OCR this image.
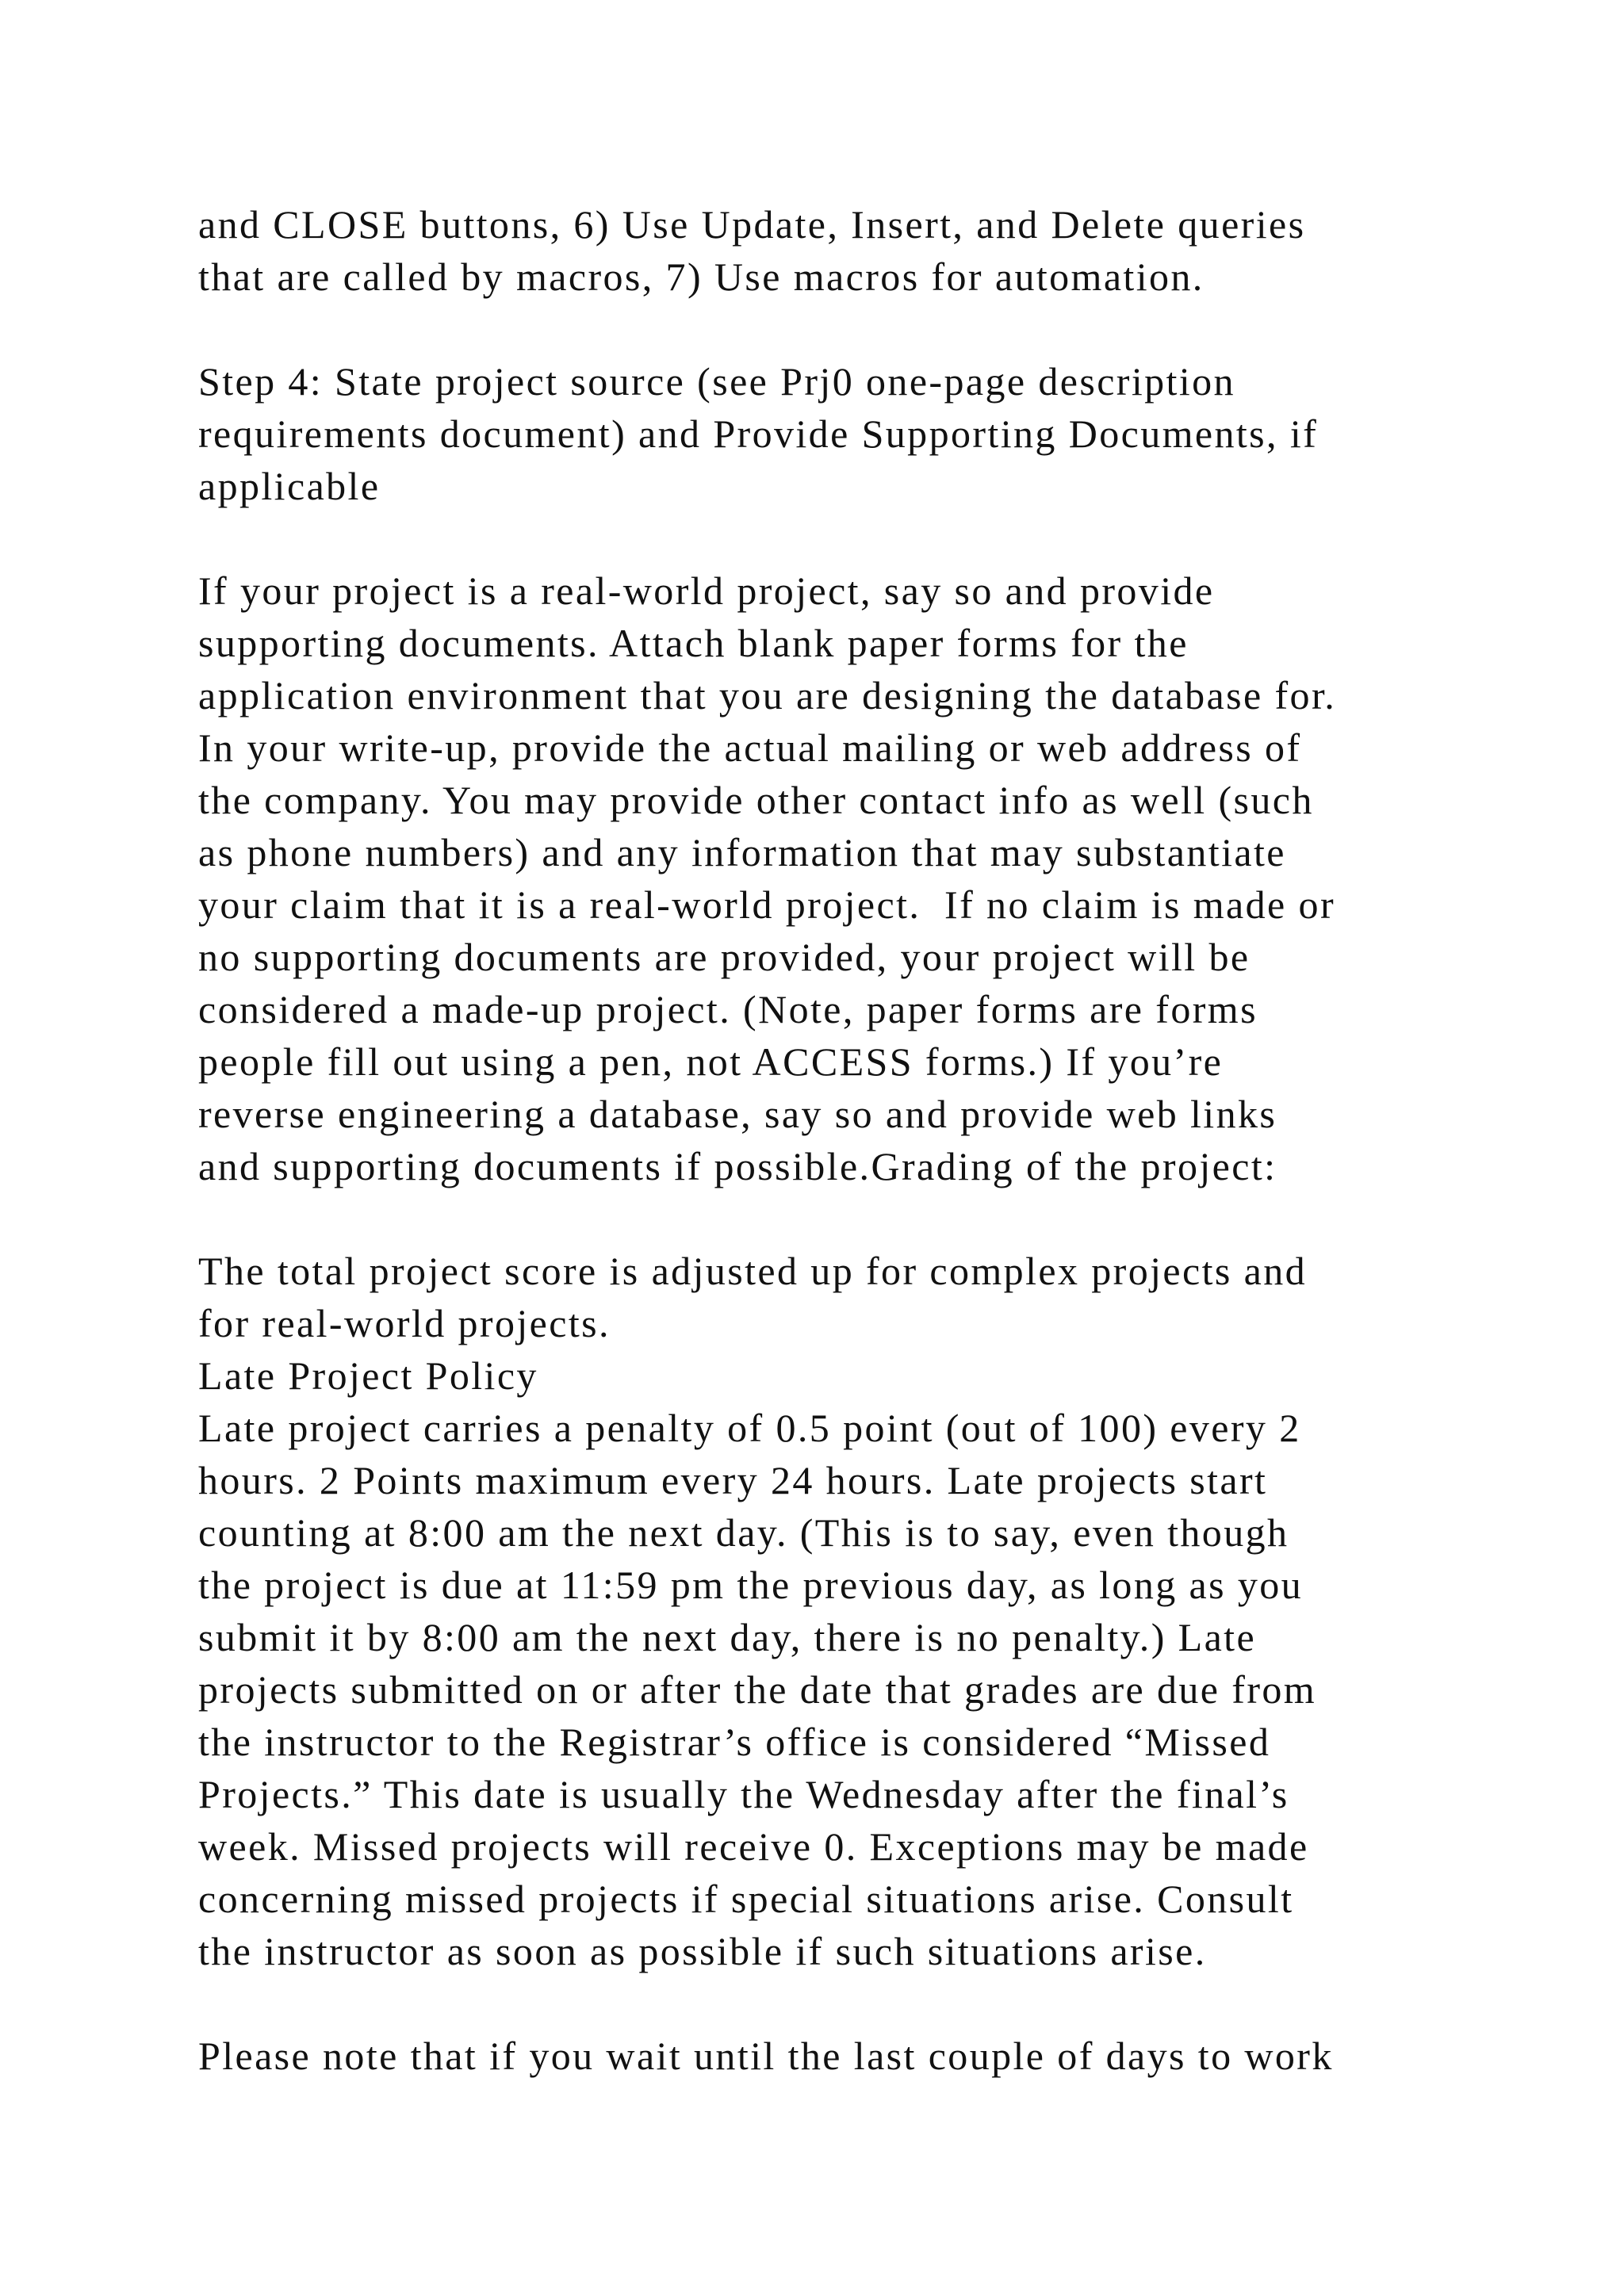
and CLOSE buttons, 6) Use Update, Insert, and Delete queries

that are called by macros, 7) Use macros for automation.

Step 4: State project source (see Prj0 one-page description

requirements document) and Provide Supporting Documents, if

applicable

If your project is a real-world project, say so and provide

supporting documents. Attach blank paper forms for the

application environment that you are designing the database for.

In your write-up, provide the actual mailing or web address of

the company. You may provide other contact info as well (such

as phone numbers) and any information that may substantiate

your claim that it is a real-world project.  If no claim is made or

no supporting documents are provided, your project will be

considered a made-up project. (Note, paper forms are forms

people fill out using a pen, not ACCESS forms.) If you’re

reverse engineering a database, say so and provide web links

and supporting documents if possible.Grading of the project:

The total project score is adjusted up for complex projects and

for real-world projects.

Late Project Policy

Late project carries a penalty of 0.5 point (out of 100) every 2

hours. 2 Points maximum every 24 hours. Late projects start

counting at 8:00 am the next day. (This is to say, even though

the project is due at 11:59 pm the previous day, as long as you

submit it by 8:00 am the next day, there is no penalty.) Late

projects submitted on or after the date that grades are due from

the instructor to the Registrar’s office is considered “Missed

Projects.” This date is usually the Wednesday after the final’s

week. Missed projects will receive 0. Exceptions may be made

concerning missed projects if special situations arise. Consult

the instructor as soon as possible if such situations arise.

Please note that if you wait until the last couple of days to work
